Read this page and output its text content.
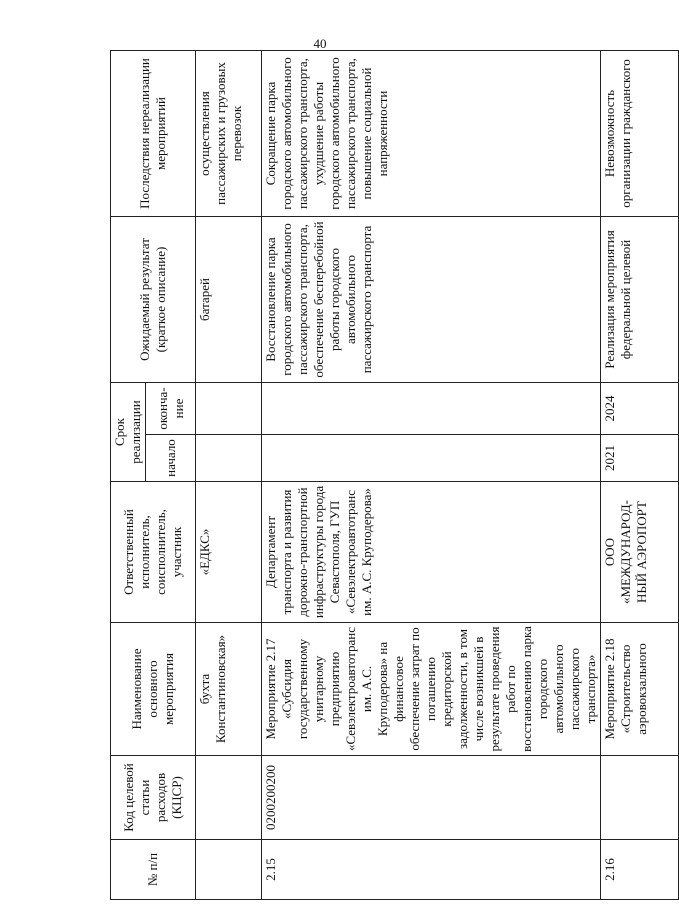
40
№ п/п	Код целевой статьи расходов (КЦСР)	Наименование основного мероприятия	Ответственный исполнитель, соисполнитель, участник	Срок реализации		Ожидаемый результат (краткое описание)	Последствия нереализации мероприятий
				начало	оконча-ние		
		бухта Константиновская»	«ЕДКС»			батарей	осуществления пассажирских и грузовых перевозок
2.15	0200200200	Мероприятие 2.17 «Субсидия государственному унитарному предприятию «Севэлектроавтотранс им. А.С. Круподерова» на финансовое обеспечение затрат по погашению кредиторской задолженности, в том числе возникшей в результате проведения работ по восстановлению парка городского автомобильного пассажирского транспорта»	Департамент транспорта и развития дорожно-транспортной инфраструктуры города Севастополя, ГУП «Севэлектроавтотранс им. А.С. Круподерова»			Восстановление парка городского автомобильного пассажирского транспорта, обеспечение бесперебойной работы городского автомобильного пассажирского транспорта	Сокращение парка городского автомобильного пассажирского транспорта, ухудшение работы городского автомобильного пассажирского транспорта, повышение социальной напряженности
2.16		Мероприятие 2.18 «Строительство аэровокзального	ООО «МЕЖДУНАРОД-НЫЙ АЭРОПОРТ	2021	2024	Реализация мероприятия федеральной целевой	Невозможность организации гражданского
